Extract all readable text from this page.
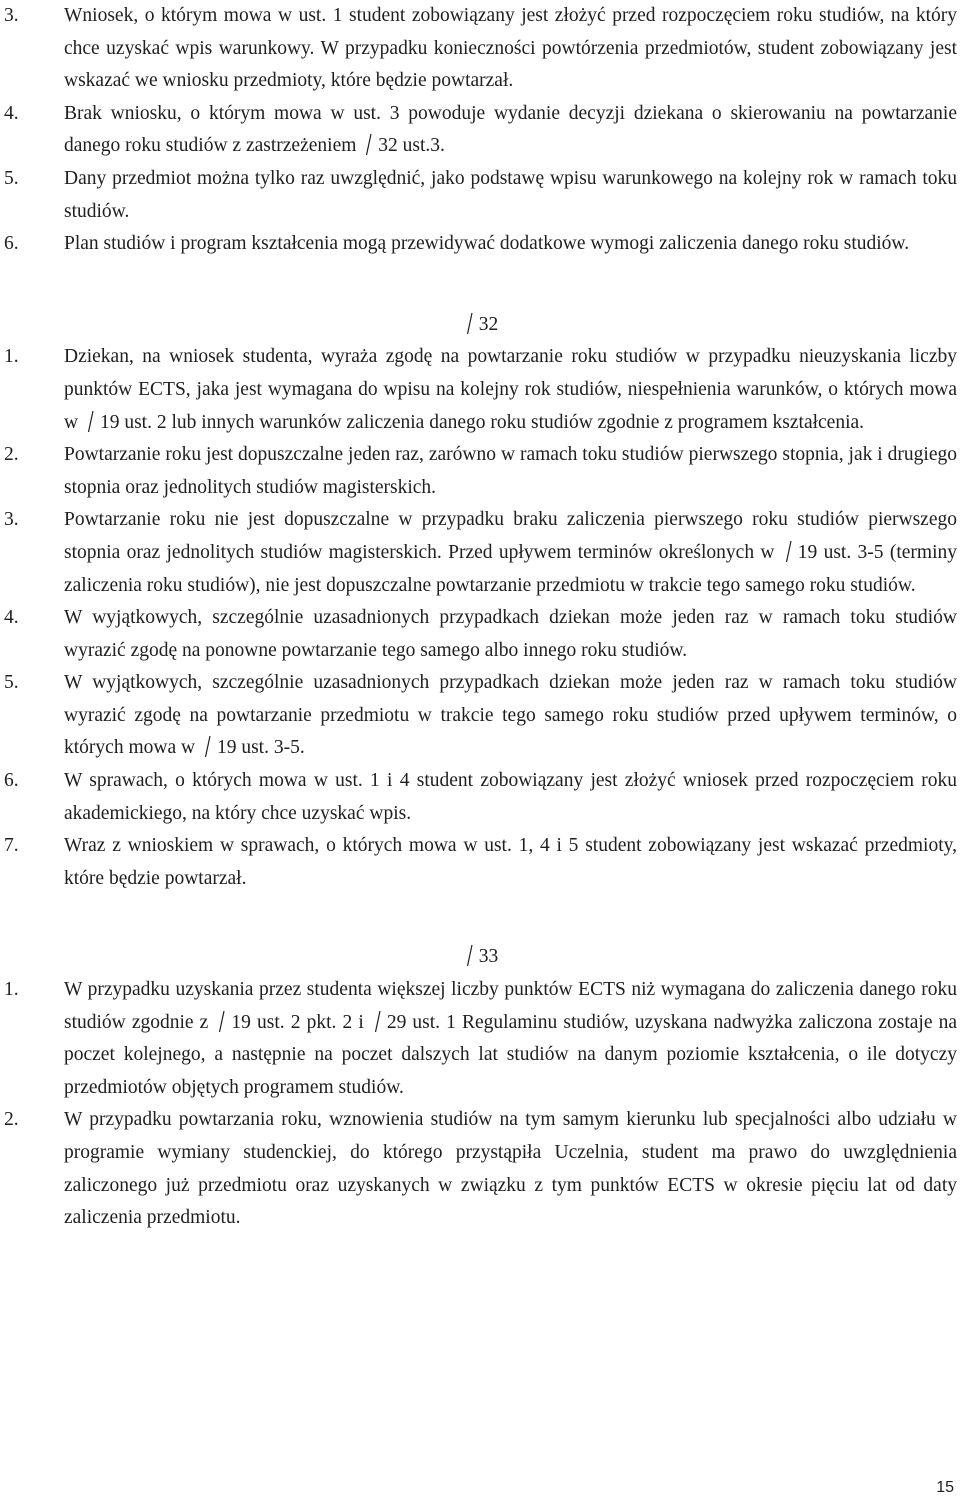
3. Wniosek, o którym mowa w ust. 1 student zobowiązany jest złożyć przed rozpoczęciem roku studiów, na który chce uzyskać wpis warunkowy. W przypadku konieczności powtórzenia przedmiotów, student zobowiązany jest wskazać we wniosku przedmioty, które będzie powtarzał.
4. Brak wniosku, o którym mowa w ust. 3 powoduje wydanie decyzji dziekana o skierowaniu na powtarzanie danego roku studiów z zastrzeżeniem 32 ust.3.
5. Dany przedmiot można tylko raz uwzględnić, jako podstawę wpisu warunkowego na kolejny rok w ramach toku studiów.
6. Plan studiów i program kształcenia mogą przewidywać dodatkowe wymogi zaliczenia danego roku studiów.
32
1. Dziekan, na wniosek studenta, wyraża zgodę na powtarzanie roku studiów w przypadku nieuzyskania liczby punktów ECTS, jaka jest wymagana do wpisu na kolejny rok studiów, niespełnienia warunków, o których mowa w 19 ust. 2 lub innych warunków zaliczenia danego roku studiów zgodnie z programem kształcenia.
2. Powtarzanie roku jest dopuszczalne jeden raz, zarówno w ramach toku studiów pierwszego stopnia, jak i drugiego stopnia oraz jednolitych studiów magisterskich.
3. Powtarzanie roku nie jest dopuszczalne w przypadku braku zaliczenia pierwszego roku studiów pierwszego stopnia oraz jednolitych studiów magisterskich. Przed upływem terminów określonych w 19 ust. 3-5 (terminy zaliczenia roku studiów), nie jest dopuszczalne powtarzanie przedmiotu w trakcie tego samego roku studiów.
4. W wyjątkowych, szczególnie uzasadnionych przypadkach dziekan może jeden raz w ramach toku studiów wyrazić zgodę na ponowne powtarzanie tego samego albo innego roku studiów.
5. W wyjątkowych, szczególnie uzasadnionych przypadkach dziekan może jeden raz w ramach toku studiów wyrazić zgodę na powtarzanie przedmiotu w trakcie tego samego roku studiów przed upływem terminów, o których mowa w 19 ust. 3-5.
6. W sprawach, o których mowa w ust. 1 i 4 student zobowiązany jest złożyć wniosek przed rozpoczęciem roku akademickiego, na który chce uzyskać wpis.
7. Wraz z wnioskiem w sprawach, o których mowa w ust. 1, 4 i 5 student zobowiązany jest wskazać przedmioty, które będzie powtarzał.
33
1. W przypadku uzyskania przez studenta większej liczby punktów ECTS niż wymagana do zaliczenia danego roku studiów zgodnie z 19 ust. 2 pkt. 2 i 29 ust. 1 Regulaminu studiów, uzyskana nadwyżka zaliczona zostaje na poczet kolejnego, a następnie na poczet dalszych lat studiów na danym poziomie kształcenia, o ile dotyczy przedmiotów objętych programem studiów.
2. W przypadku powtarzania roku, wznowienia studiów na tym samym kierunku lub specjalności albo udziału w programie wymiany studenckiej, do którego przystąpiła Uczelnia, student ma prawo do uwzględnienia zaliczonego już przedmiotu oraz uzyskanych w związku z tym punktów ECTS w okresie pięciu lat od daty zaliczenia przedmiotu.
15
